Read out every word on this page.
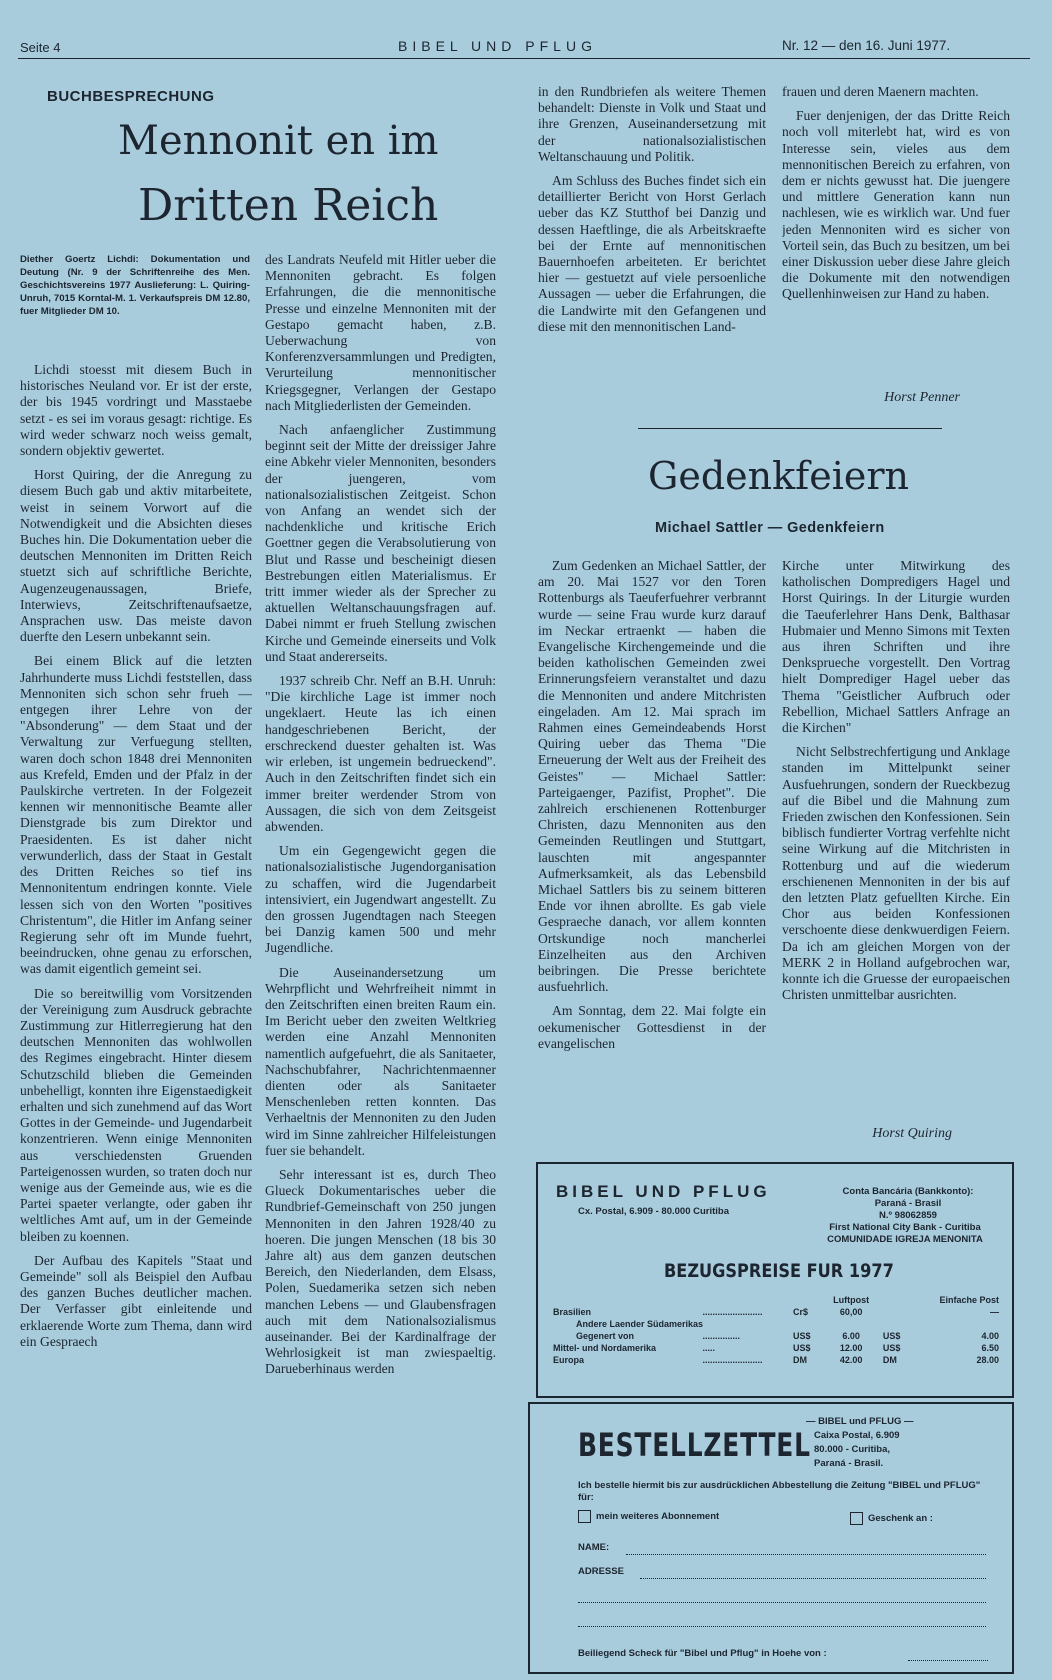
Seite 4	BIBEL UND PFLUG	Nr. 12 — den 16. Juni 1977.
BUCHBESPRECHUNG
Mennonit en im
Dritten Reich
Diether Goertz Lichdi: Dokumentation und Deutung (Nr. 9 der Schriftenreihe des Men. Geschichtsvereins 1977 Auslieferung: L. Quiring-Unruh, 7015 Korntal-M. 1. Verkaufspreis DM 12.80, fuer Mitglieder DM 10.

Lichdi stoesst mit diesem Buch in historisches Neuland vor. Er ist der erste, der bis 1945 vordringt und Masstaebe setzt - es sei im voraus gesagt: richtige. Es wird weder schwarz noch weiss gemalt, sondern objektiv gewertet.

Horst Quiring, der die Anregung zu diesem Buch gab und aktiv mitarbeitete, weist in seinem Vorwort auf die Notwendigkeit und die Absichten dieses Buches hin. Die Dokumentation ueber die deutschen Mennoniten im Dritten Reich stuetzt sich auf schriftliche Berichte, Augenzeugenaussagen, Briefe, Interwievs, Zeitschriftenaufsaetze, Ansprachen usw. Das meiste davon duerfte den Lesern unbekannt sein.

Bei einem Blick auf die letzten Jahrhunderte muss Lichdi feststellen, dass Mennoniten sich schon sehr frueh — entgegen ihrer Lehre von der "Absonderung" — dem Staat und der Verwaltung zur Verfuegung stellten, waren doch schon 1848 drei Mennoniten aus Krefeld, Emden und der Pfalz in der Paulskirche vertreten. In der Folgezeit kennen wir mennonitische Beamte aller Dienstgrade bis zum Direktor und Praesidenten. Es ist daher nicht verwunderlich, dass der Staat in Gestalt des Dritten Reiches so tief ins Mennonitentum endringen konnte. Viele lessen sich von den Worten "positives Christentum", die Hitler im Anfang seiner Regierung sehr oft im Munde fuehrt, beeindrucken, ohne genau zu erforschen, was damit eigentlich gemeint sei.

Die so bereitwillig vom Vorsitzenden der Vereinigung zum Ausdruck gebrachte Zustimmung zur Hitlerregierung hat den deutschen Mennoniten das wohlwollen des Regimes eingebracht. Hinter diesem Schutzschild blieben die Gemeinden unbehelligt, konnten ihre Eigenstaedigkeit erhalten und sich zunehmend auf das Wort Gottes in der Gemeinde- und Jugendarbeit konzentrieren. Wenn einige Mennoniten aus verschiedensten Gruenden Parteigenossen wurden, so traten doch nur wenige aus der Gemeinde aus, wie es die Partei spaeter verlangte, oder gaben ihr weltliches Amt auf, um in der Gemeinde bleiben zu koennen.

Der Aufbau des Kapitels "Staat und Gemeinde" soll als Beispiel den Aufbau des ganzen Buches deutlicher machen. Der Verfasser gibt einleitende und erklaerende Worte zum Thema, dann wird ein Gespraech

des Landrats Neufeld mit Hitler ueber die Mennoniten gebracht. Es folgen Erfahrungen, die die mennonitische Presse und einzelne Mennoniten mit der Gestapo gemacht haben, z.B. Ueberwachung von Konferenzversammlungen und Predigten, Verurteilung mennonitischer Kriegsgegner, Verlangen der Gestapo nach Mitgliederlisten der Gemeinden.

Nach anfaenglicher Zustimmung beginnt seit der Mitte der dreissiger Jahre eine Abkehr vieler Mennoniten, besonders der juengeren, vom nationalsozialistischen Zeitgeist. Schon von Anfang an wendet sich der nachdenkliche und kritische Erich Goettner gegen die Verabsolutierung von Blut und Rasse und bescheinigt diesen Bestrebungen eitlen Materialismus. Er tritt immer wieder als der Sprecher zu aktuellen Weltanschauungsfragen auf. Dabei nimmt er frueh Stellung zwischen Kirche und Gemeinde einerseits und Volk und Staat andererseits.

1937 schreib Chr. Neff an B.H. Unruh: "Die kirchliche Lage ist immer noch ungeklaert. Heute las ich einen handgeschriebenen Bericht, der erschreckend duester gehalten ist. Was wir erleben, ist ungemein bedrueckend". Auch in den Zeitschriften findet sich ein immer breiter werdender Strom von Aussagen, die sich von dem Zeitsgeist abwenden.

Um ein Gegengewicht gegen die nationalsozialistische Jugendorganisation zu schaffen, wird die Jugendarbeit intensiviert, ein Jugendwart angestellt. Zu den grossen Jugendtagen nach Steegen bei Danzig kamen 500 und mehr Jugendliche.

Die Auseinandersetzung um Wehrpflicht und Wehrfreiheit nimmt in den Zeitschriften einen breiten Raum ein. Im Bericht ueber den zweiten Weltkrieg werden eine Anzahl Mennoniten namentlich aufgefuehrt, die als Sanitaeter, Nachschubfahrer, Nachrichtenmaenner dienten oder als Sanitaeter Menschenleben retten konnten. Das Verhaeltnis der Mennoniten zu den Juden wird im Sinne zahlreicher Hilfeleistungen fuer sie behandelt.

Sehr interessant ist es, durch Theo Glueck Dokumentarisches ueber die Rundbrief-Gemeinschaft von 250 jungen Mennoniten in den Jahren 1928/40 zu hoeren. Die jungen Menschen (18 bis 30 Jahre alt) aus dem ganzen deutschen Bereich, den Niederlanden, dem Elsass, Polen, Suedamerika setzen sich neben manchen Lebens — und Glaubensfragen auch mit dem Nationalsozialismus auseinander. Bei der Kardinalfrage der Wehrlosigkeit ist man zwiespaeltig. Darueberhinaus werden

in den Rundbriefen als weitere Themen behandelt: Dienste in Volk und Staat und ihre Grenzen, Auseinandersetzung mit der nationalsozialistischen Weltanschauung und Politik.

Am Schluss des Buches findet sich ein detaillierter Bericht von Horst Gerlach ueber das KZ Stutthof bei Danzig und dessen Haeftlinge, die als Arbeitskraefte bei der Ernte auf mennonitischen Bauernhoefen arbeiteten. Er berichtet hier — gestuetzt auf viele persoenliche Aussagen — ueber die Erfahrungen, die die Landwirte mit den Gefangenen und diese mit den mennonitischen Land-

frauen und deren Maenern machten.

Fuer denjenigen, der das Dritte Reich noch voll miterlebt hat, wird es von Interesse sein, vieles aus dem mennonitischen Bereich zu erfahren, von dem er nichts gewusst hat. Die juengere und mittlere Generation kann nun nachlesen, wie es wirklich war. Und fuer jeden Mennoniten wird es sicher von Vorteil sein, das Buch zu besitzen, um bei einer Diskussion ueber diese Jahre gleich die Dokumente mit den notwendigen Quellenhinweisen zur Hand zu haben.

Horst Penner
Gedenkfeiern
Michael Sattler — Gedenkfeiern

Zum Gedenken an Michael Sattler, der am 20. Mai 1527 vor den Toren Rottenburgs als Taeuferfuehrer verbrannt wurde — seine Frau wurde kurz darauf im Neckar ertraenkt — haben die Evangelische Kirchengemeinde und die beiden katholischen Gemeinden zwei Erinnerungsfeiern veranstaltet und dazu die Mennoniten und andere Mitchristen eingeladen. Am 12. Mai sprach im Rahmen eines Gemeindeabends Horst Quiring ueber das Thema "Die Erneuerung der Welt aus der Freiheit des Geistes" — Michael Sattler: Parteigaenger, Pazifist, Prophet". Die zahlreich erschienenen Rottenburger Christen, dazu Mennoniten aus den Gemeinden Reutlingen und Stuttgart, lauschten mit angespannter Aufmerksamkeit, als das Lebensbild Michael Sattlers bis zu seinem bitteren Ende vor ihnen abrollte. Es gab viele Gespraeche danach, vor allem konnten Ortskundige noch mancherlei Einzelheiten aus den Archiven beibringen. Die Presse berichtete ausfuehrlich.

Am Sonntag, dem 22. Mai folgte ein oekumenischer Gottesdienst in der evangelischen

Kirche unter Mitwirkung des katholischen Dompredigers Hagel und Horst Quirings. In der Liturgie wurden die Taeuferlehrer Hans Denk, Balthasar Hubmaier und Menno Simons mit Texten aus ihren Schriften und ihre Denksprueche vorgestellt. Den Vortrag hielt Domprediger Hagel ueber das Thema "Geistlicher Aufbruch oder Rebellion, Michael Sattlers Anfrage an die Kirchen"

Nicht Selbstrechfertigung und Anklage standen im Mittelpunkt seiner Ausfuehrungen, sondern der Rueckbezug auf die Bibel und die Mahnung zum Frieden zwischen den Konfessionen. Sein biblisch fundierter Vortrag verfehlte nicht seine Wirkung auf die Mitchristen in Rottenburg und auf die wiederum erschienenen Mennoniten in der bis auf den letzten Platz gefuellten Kirche. Ein Chor aus beiden Konfessionen verschoente diese denkwuerdigen Feiern. Da ich am gleichen Morgen von der MERK 2 in Holland aufgebrochen war, konnte ich die Gruesse der europaeischen Christen unmittelbar ausrichten.

Horst Quiring
BIBEL UND PFLUG
Cx. Postal, 6.909 - 80.000 Curitiba
Conta Bancária (Bankkonto):
Paraná - Brasil
N.º 98062859
First National City Bank - Curitiba
COMUNIDADE IGREJA MENONITA
BEZUGSPREISE FUR 1977
			Luftpost		Einfache Post
Brasilien	........................	Cr$	60,00		—
Andere Laender Südamerikas					
Gegenert von	...............	US$	6.00	US$	4.00
Mittel- und Nordamerika	.....	US$	12.00	US$	6.50
Europa	........................	DM	42.00	DM	28.00
BESTELLZETTEL
— BIBEL und PFLUG —
Caixa Postal, 6.909
80.000 - Curitiba,
Paraná - Brasil.
Ich bestelle hiermit bis zur ausdrücklichen Abbestellung die Zeitung "BIBEL und PFLUG" für:
mein weiteres Abonnement	Geschenk an :
NAME:
ADRESSE
Beiliegend Scheck für "Bibel und Pflug" in Hoehe von :
